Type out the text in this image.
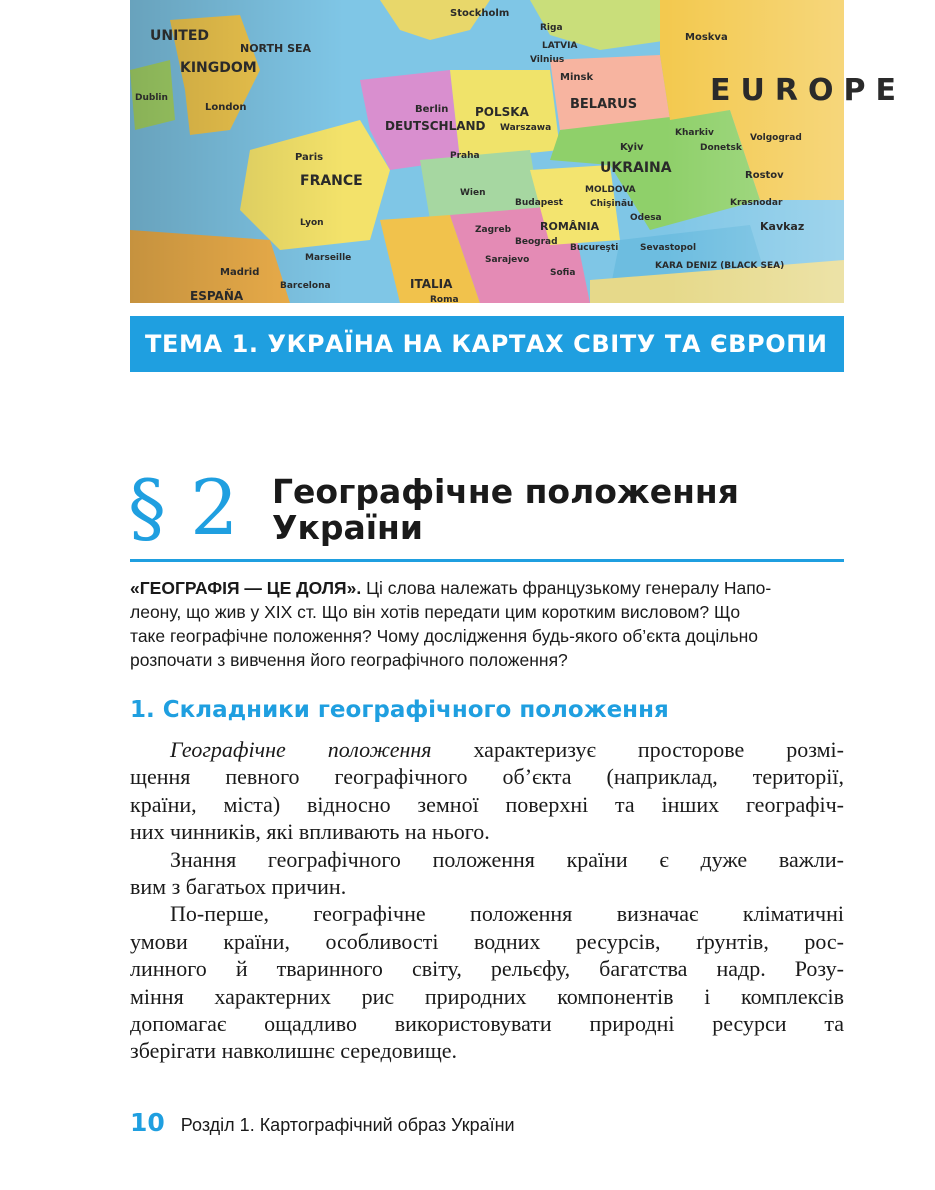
Stockholm
UNITED
KINGDOM
NORTH SEA
London
Dublin
DEUTSCHLAND
Berlin POLSKA
Warszawa
FRANCE
Paris
ESPAÑA
Madrid
ITALIA
Roma
Praha
Wien
Budapest
ROMÂNIA
Bucureşti
Beograd
Sofia
Minsk
BELARUS
Kyiv
UKRAINA
Moskva
Rostov
Odesa
Sevastopol
KARA DENIZ (BLACK SEA)
EUROPE
Kavkaz
LATVIA
Riga
Vilnius
Lyon
Marseille
Barcelona
Zagreb
Sarajevo
MOLDOVA
Chişinău
Donetsk
Kharkiv	Volgograd
Krasnodar
ТЕМА 1. УКРАЇНА НА КАРТАХ СВІТУ ТА ЄВРОПИ
§ 2 Географічне положення
України

«ГЕОГРАФІЯ — ЦЕ ДОЛЯ». Ці слова належать французькому генералу Напо-

леону, що жив у XIX ст. Що він хотів передати цим коротким висловом? Що

таке географічне положення? Чому дослідження будь-якого об’єкта доцільно

розпочати з вивчення його географічного положення?

1. Складники географічного положення
Географічне положення характеризує просторове розмі-
щення певного географічного об’єкта (наприклад, території,
країни, міста) відносно земної поверхні та інших географіч-
них чинників, які впливають на нього.
Знання географічного положення країни є дуже важли-
вим з багатьох причин.
По-перше, географічне положення визначає кліматичні
умови країни, особливості водних ресурсів, ґрунтів, рос-
линного й тваринного світу, рельєфу, багатства надр. Розу-
міння характерних рис природних компонентів і комплексів
допомагає ощадливо використовувати природні ресурси та
зберігати навколишнє середовище.
10 Розділ 1. Картографічний образ України
